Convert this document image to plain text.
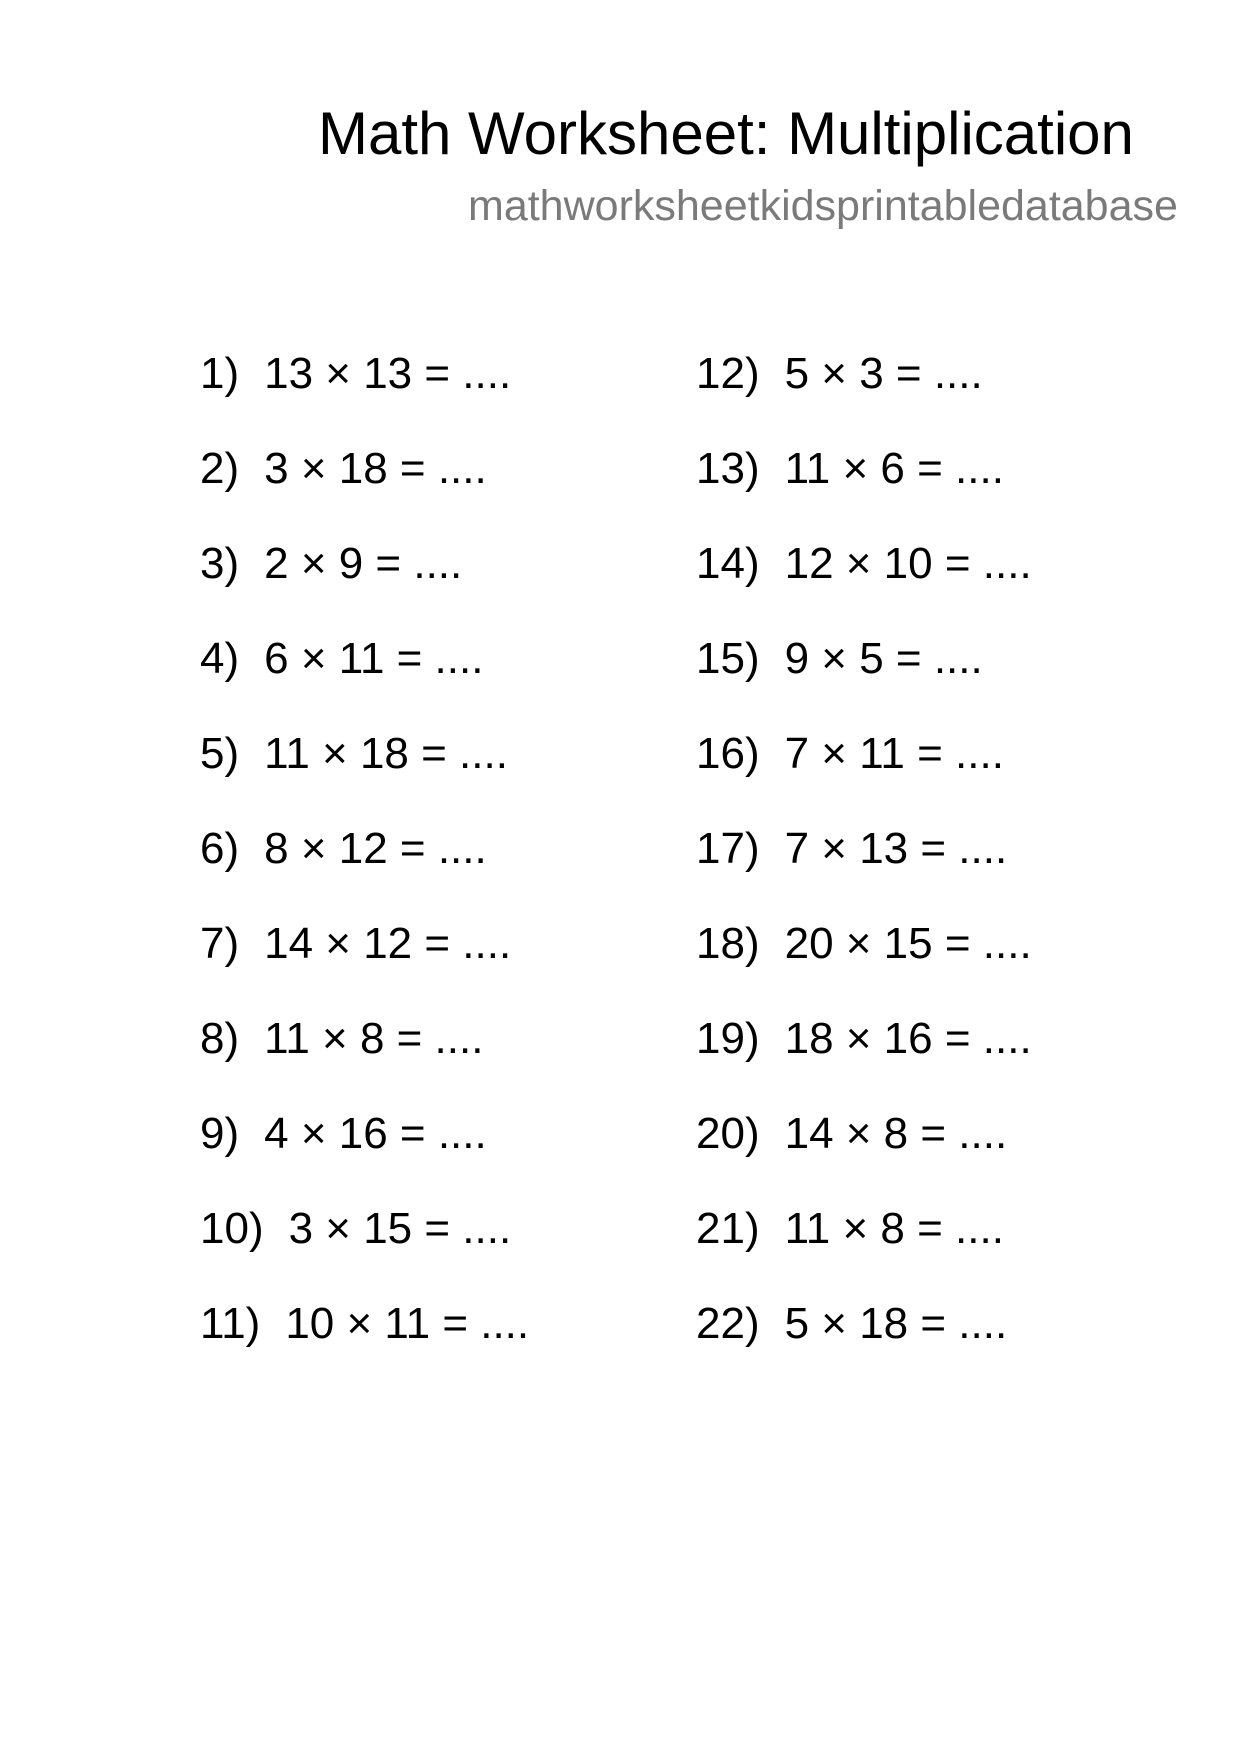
Math Worksheet: Multiplication
mathworksheetkidsprintabledatabase
1) 13 × 13 = ....
2) 3 × 18 = ....
3) 2 × 9 = ....
4) 6 × 11 = ....
5) 11 × 18 = ....
6) 8 × 12 = ....
7) 14 × 12 = ....
8) 11 × 8 = ....
9) 4 × 16 = ....
10) 3 × 15 = ....
11) 10 × 11 = ....
12) 5 × 3 = ....
13) 11 × 6 = ....
14) 12 × 10 = ....
15) 9 × 5 = ....
16) 7 × 11 = ....
17) 7 × 13 = ....
18) 20 × 15 = ....
19) 18 × 16 = ....
20) 14 × 8 = ....
21) 11 × 8 = ....
22) 5 × 18 = ....
